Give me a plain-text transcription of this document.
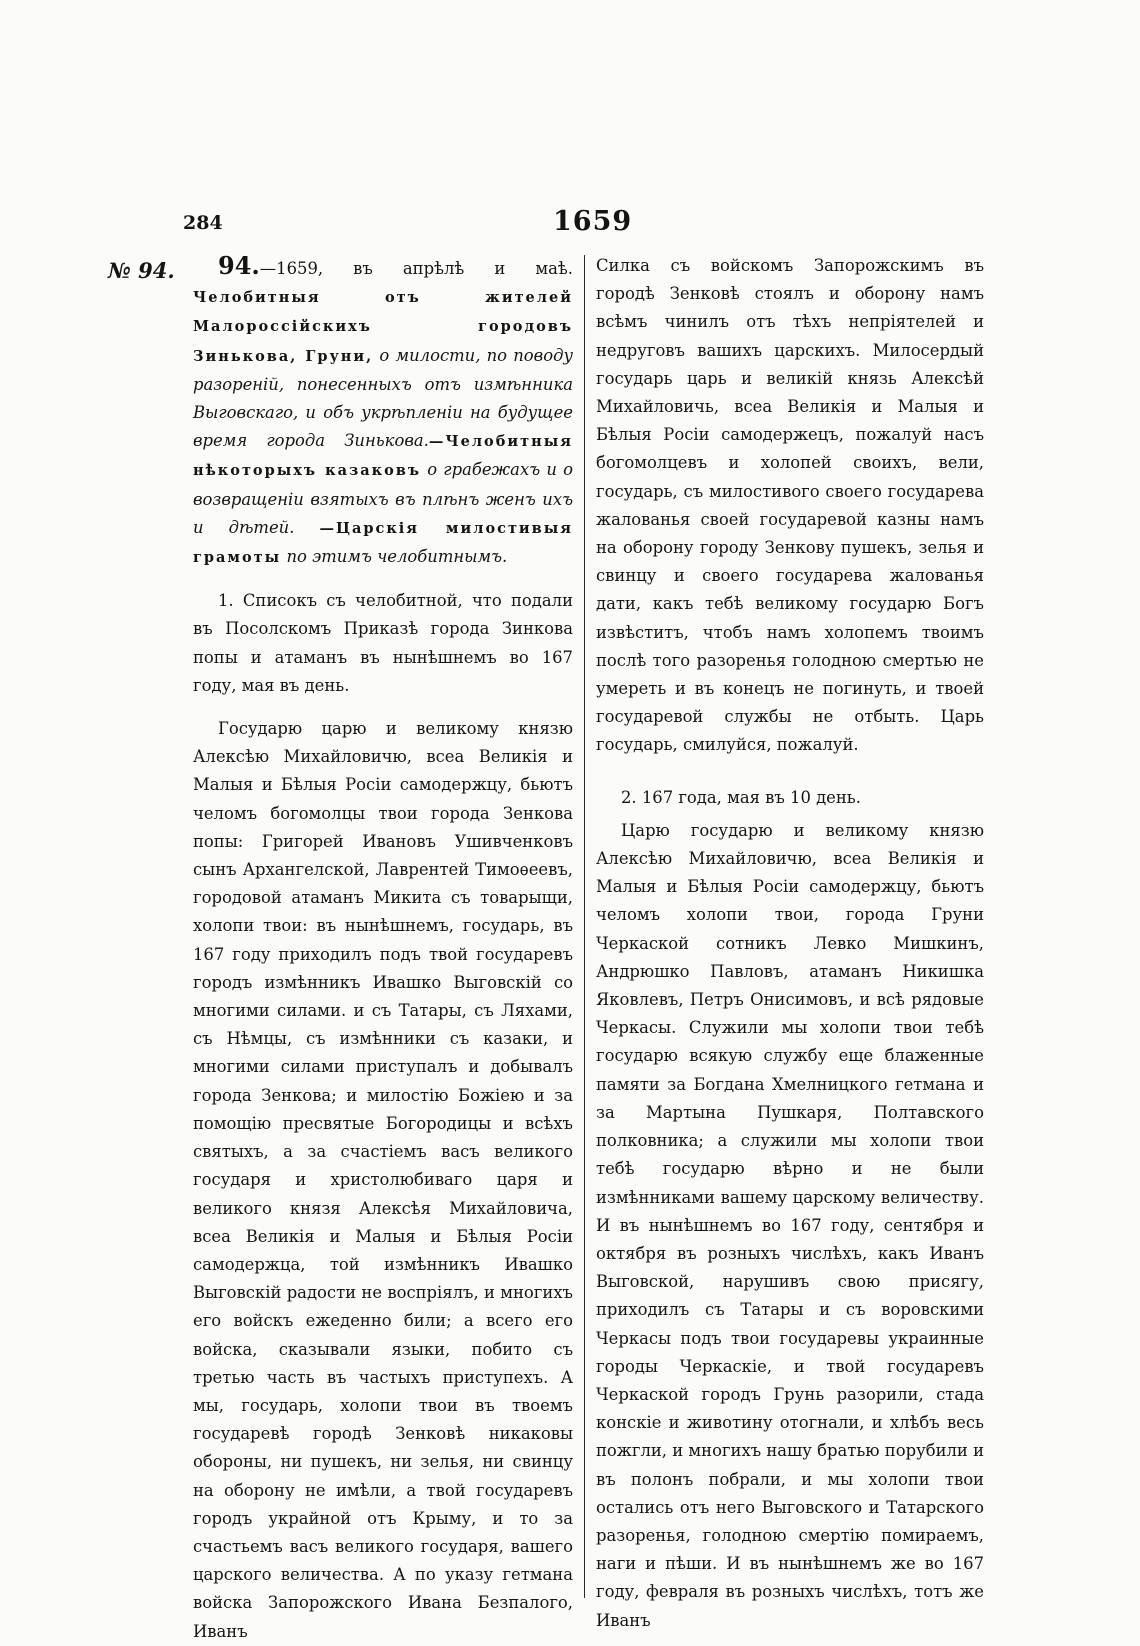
284	1659
№ 94.	94.—1659, въ апрѣлѣ и маѣ. Челобитныя отъ жителей Малороссійскихъ городовъ Зинькова, Груни, о милости, по поводу разореній, понесенныхъ отъ измѣнника Выговскаго, и объ укрѣпленіи на будущее время города Зинькова.—Челобитныя нѣкоторыхъ казаковъ о грабежахъ и о возвращеніи взятыхъ въ плѣнъ женъ ихъ и дѣтей. —Царскія милостивыя грамоты по этимъ челобитнымъ.

1. Списокъ съ челобитной, что подали въ Посолскомъ Приказѣ города Зинкова попы и атаманъ въ нынѣшнемъ во 167 году, мая въ день.

Государю царю и великому князю Алексѣю Михайловичю, всеа Великія и Малыя и Бѣлыя Росіи самодержцу, бьютъ челомъ богомолцы твои города Зенкова попы: Григорей Ивановъ Ушивченковъ сынъ Архангелской, Лаврентей Тимоѳеевъ, городовой атаманъ Микита съ товарыщи, холопи твои: въ нынѣшнемъ, государь, въ 167 году приходилъ подъ твой государевъ городъ измѣнникъ Ивашко Выговскій со многими силами. и съ Татары, съ Ляхами, съ Нѣмцы, съ измѣнники съ казаки, и многими силами приступалъ и добывалъ города Зенкова; и милостію Божіею и за помощію пресвятые Богородицы и всѣхъ святыхъ, а за счастіемъ васъ великого государя и христолюбиваго царя и великого князя Алексѣя Михайловича, всеа Великія и Малыя и Бѣлыя Росіи самодержца, той измѣнникъ Ивашко Выговскій радости не воспріялъ, и многихъ его войскъ ежеденно били; а всего его войска, сказывали языки, побито съ третью часть въ частыхъ приступехъ. А мы, государь, холопи твои въ твоемъ государевѣ городѣ Зенковѣ никаковы обороны, ни пушекъ, ни зелья, ни свинцу на оборону не имѣли, а твой государевъ городъ украйной отъ Крыму, и то за счастьемъ васъ великого государя, вашего царского величества. А по указу гетмана войска Запорожского Ивана Безпалого, Иванъ

Силка съ войскомъ Запорожскимъ въ городѣ Зенковѣ стоялъ и оборону намъ всѣмъ чинилъ отъ тѣхъ непріятелей и недруговъ вашихъ царскихъ. Милосердый государь царь и великій князь Алексѣй Михайловичь, всеа Великія и Малыя и Бѣлыя Росіи самодержецъ, пожалуй насъ богомолцевъ и холопей своихъ, вели, государь, съ милостивого своего государева жалованья своей государевой казны намъ на оборону городу Зенкову пушекъ, зелья и свинцу и своего государева жалованья дати, какъ тебѣ великому государю Богъ извѣститъ, чтобъ намъ холопемъ твоимъ послѣ того разоренья голодною смертью не умереть и въ конецъ не погинуть, и твоей государевой службы не отбыть. Царь государь, смилуйся, пожалуй.

2. 167 года, мая въ 10 день.

Царю государю и великому князю Алексѣю Михайловичю, всеа Великія и Малыя и Бѣлыя Росіи самодержцу, бьютъ челомъ холопи твои, города Груни Черкаской сотникъ Левко Мишкинъ, Андрюшко Павловъ, атаманъ Никишка Яковлевъ, Петръ Онисимовъ, и всѣ рядовые Черкасы. Служили мы холопи твои тебѣ государю всякую службу еще блаженные памяти за Богдана Хмелницкого гетмана и за Мартына Пушкаря, Полтавского полковника; а служили мы холопи твои тебѣ государю вѣрно и не были измѣнниками вашему царскому величеству. И въ нынѣшнемъ во 167 году, сентября и октября въ розныхъ числѣхъ, какъ Иванъ Выговской, нарушивъ свою присягу, приходилъ съ Татары и съ воровскими Черкасы подъ твои государевы украинные городы Черкаскіе, и твой государевъ Черкаской городъ Грунь разорили, стада конскіе и животину отогнали, и хлѣбъ весь пожгли, и многихъ нашу братью порубили и въ полонъ побрали, и мы холопи твои остались отъ него Выговского и Татарского разоренья, голодною смертію помираемъ, наги и пѣши. И въ нынѣшнемъ же во 167 году, февраля въ розныхъ числѣхъ, тотъ же Иванъ
